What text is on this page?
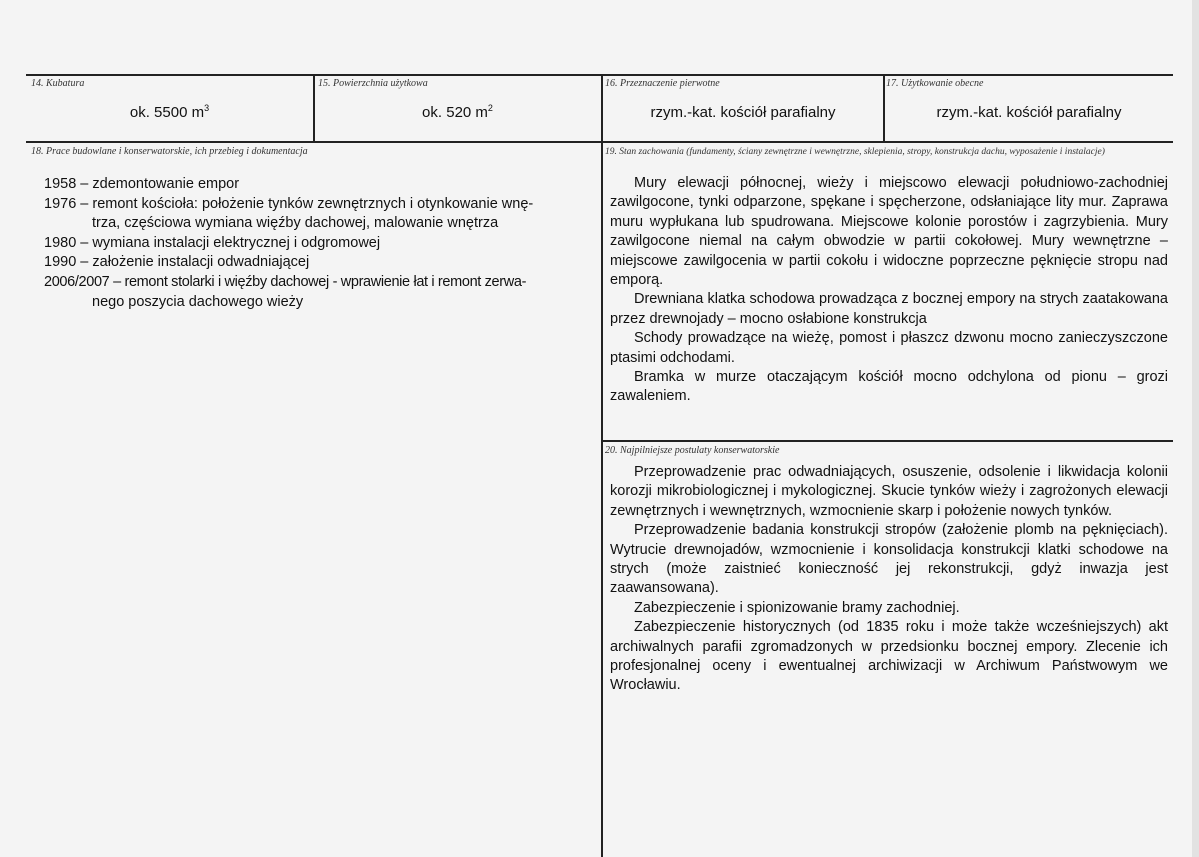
14. Kubatura	15. Powierzchnia użytkowa	16. Przeznaczenie pierwotne	17. Użytkowanie obecne
ok. 5500 $m^3$	ok. 520 $m^2$	rzym.-kat. kościół parafialny	rzym.-kat. kościół parafialny
18. Prace budowlane i konserwatorskie, ich przebieg i dokumentacja
1958 – zdemontowanie empor
1976 – remont kościoła: położenie tynków zewnętrznych i otynkowanie wnę-
trza, częściowa wymiana więźby dachowej, malowanie wnętrza
1980 – wymiana instalacji elektrycznej i odgromowej
1990 – założenie instalacji odwadniającej
2006/2007 – remont stolarki i więźby dachowej - wprawienie łat i remont zerwa-
nego poszycia dachowego wieży
19. Stan zachowania (fundamenty, ściany zewnętrzne i wewnętrzne, sklepienia, stropy, konstrukcja dachu, wyposażenie i instalacje)

Mury elewacji północnej, wieży i miejscowo elewacji południowo-zachodniej zawilgocone, tynki odparzone, spękane i spęcherzone, odsłaniające lity mur. Zaprawa muru wypłukana lub spudrowana. Miejscowe kolonie porostów i zagrzybienia. Mury zawilgocone niemal na całym obwodzie w partii cokołowej. Mury wewnętrzne – miejscowe zawilgocenia w partii cokołu i widoczne poprzeczne pęknięcie stropu nad emporą.

Drewniana klatka schodowa prowadząca z bocznej empory na strych zaatakowana przez drewnojady – mocno osłabione konstrukcja

Schody prowadzące na wieżę, pomost i płaszcz dzwonu mocno zanieczyszczone ptasimi odchodami.

Bramka w murze otaczającym kościół mocno odchylona od pionu – grozi zawaleniem.

20. Najpilniejsze postulaty konserwatorskie

Przeprowadzenie prac odwadniających, osuszenie, odsolenie i likwidacja kolonii korozji mikrobiologicznej i mykologicznej. Skucie tynków wieży i zagrożonych elewacji zewnętrznych i wewnętrznych, wzmocnienie skarp i położenie nowych tynków.

Przeprowadzenie badania konstrukcji stropów (założenie plomb na pęknięciach). Wytrucie drewnojadów, wzmocnienie i konsolidacja konstrukcji klatki schodowe na strych (może zaistnieć konieczność jej rekonstrukcji, gdyż inwazja jest zaawansowana).

Zabezpieczenie i spionizowanie bramy zachodniej.

Zabezpieczenie historycznych (od 1835 roku i może także wcześniejszych) akt archiwalnych parafii zgromadzonych w przedsionku bocznej empory. Zlecenie ich profesjonalnej oceny i ewentualnej archiwizacji w Archiwum Państwowym we Wrocławiu.
